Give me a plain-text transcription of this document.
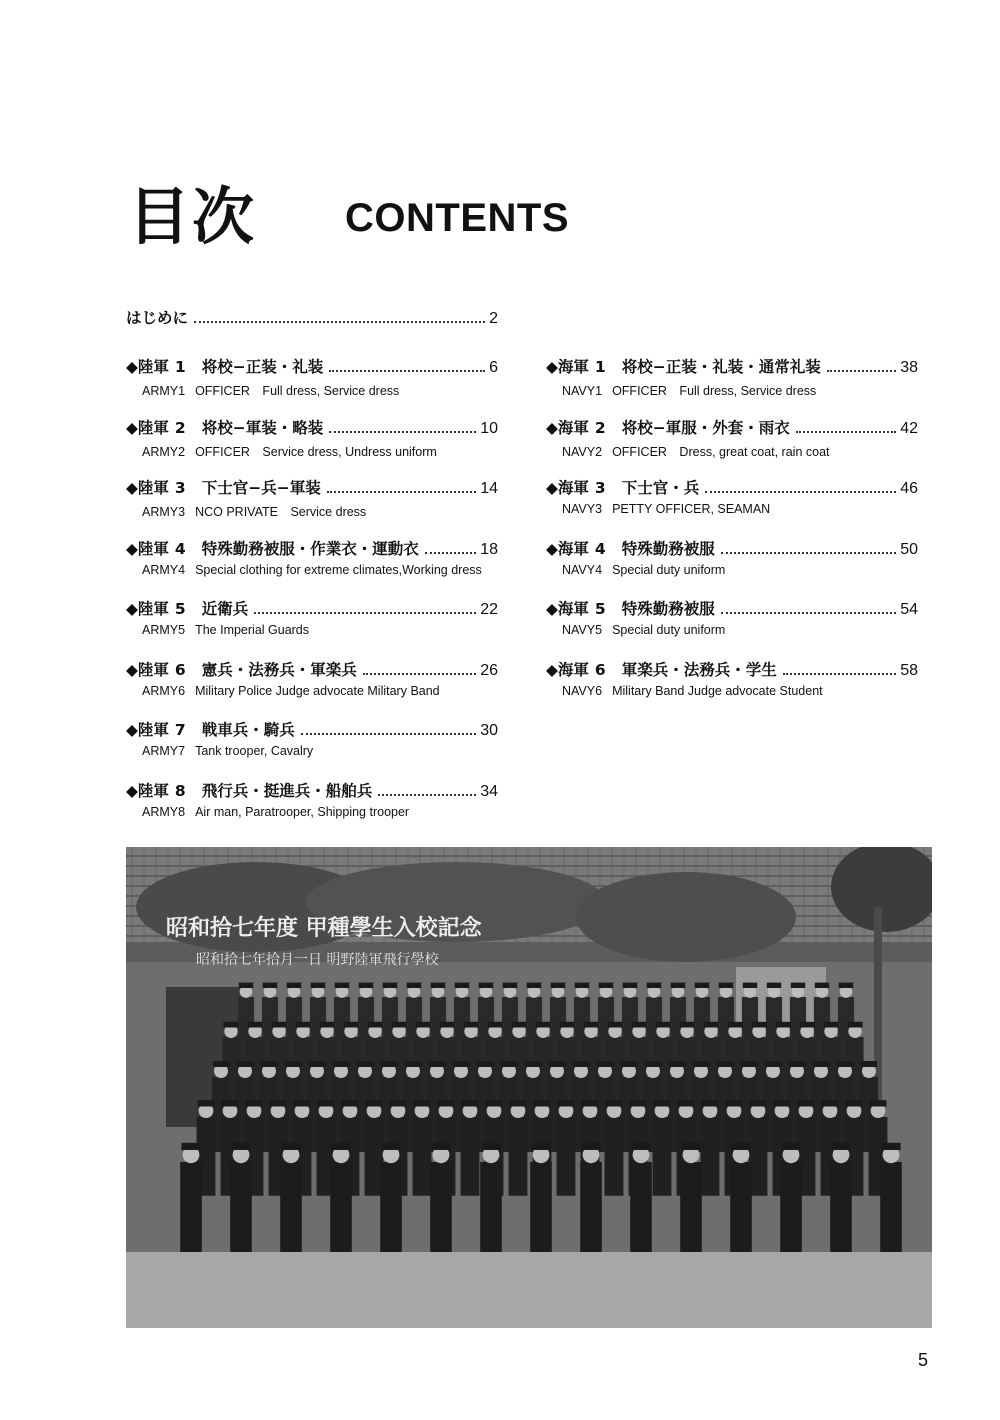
目次 CONTENTS
はじめに	2
◆陸軍 1 将校−正装・礼装	6
ARMY1 OFFICER　Full dress, Service dress
◆陸軍 2 将校−軍装・略装	10
ARMY2 OFFICER　Service dress, Undress uniform
◆陸軍 3 下士官−兵−軍装	14
ARMY3 NCO PRIVATE　Service dress
◆陸軍 4 特殊勤務被服・作業衣・運動衣	18
ARMY4 Special clothing for extreme climates,Working dress
◆陸軍 5 近衛兵	22
ARMY5 The Imperial Guards
◆陸軍 6 憲兵・法務兵・軍楽兵	26
ARMY6 Military Police Judge advocate Military Band
◆陸軍 7 戦車兵・騎兵	30
ARMY7 Tank trooper, Cavalry
◆陸軍 8 飛行兵・挺進兵・船舶兵	34
ARMY8 Air man, Paratrooper, Shipping trooper
◆海軍 1 将校−正装・礼装・通常礼装	38
NAVY1 OFFICER　Full dress, Service dress
◆海軍 2 将校−軍服・外套・雨衣	42
NAVY2 OFFICER　Dress, great coat, rain coat
◆海軍 3 下士官・兵	46
NAVY3 PETTY OFFICER, SEAMAN
◆海軍 4 特殊勤務被服	50
NAVY4 Special duty uniform
◆海軍 5 特殊勤務被服	54
NAVY5 Special duty uniform
◆海軍 6 軍楽兵・法務兵・学生	58
NAVY6 Military Band Judge advocate Student
昭和拾七年度 甲種學生入校記念
昭和拾七年拾月一日 明野陸軍飛行學校
5
